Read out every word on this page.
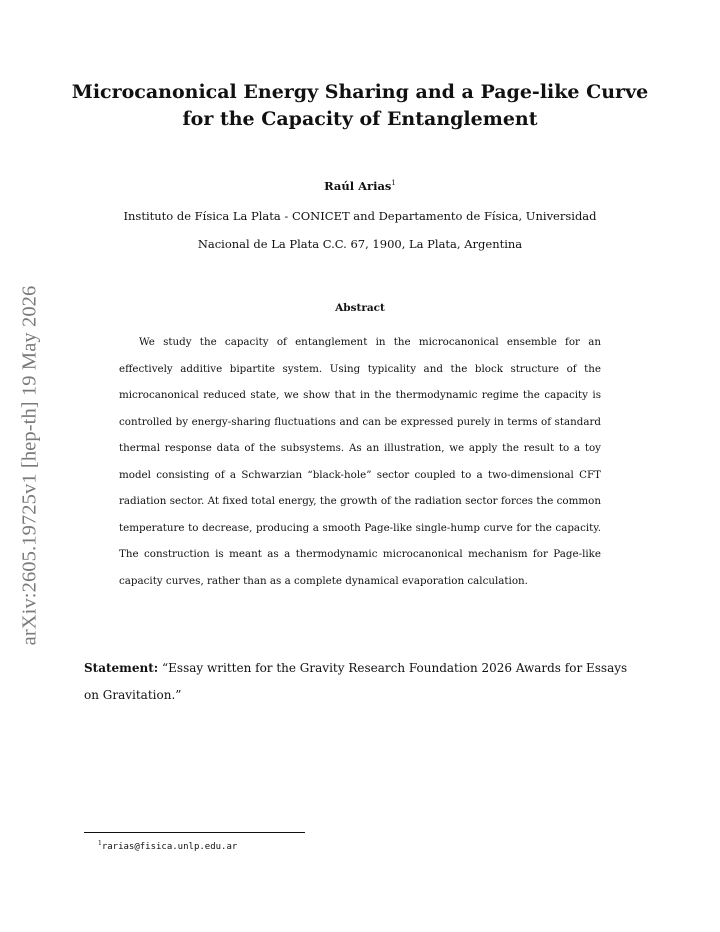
arXiv:2605.19725v1 [hep-th] 19 May 2026
Microcanonical Energy Sharing and a Page-like Curve
for the Capacity of Entanglement
Raúl Arias$^1$
Instituto de Física La Plata - CONICET and Departamento de Física, Universidad
Nacional de La Plata C.C. 67, 1900, La Plata, Argentina
Abstract

We study the capacity of entanglement in the microcanonical ensemble for an effectively additive bipartite system. Using typicality and the block structure of the microcanonical reduced state, we show that in the thermodynamic regime the capacity is controlled by energy-sharing fluctuations and can be expressed purely in terms of standard thermal response data of the subsystems. As an illustration, we apply the result to a toy model consisting of a Schwarzian “black-hole” sector coupled to a two-dimensional CFT radiation sector. At fixed total energy, the growth of the radiation sector forces the common temperature to decrease, producing a smooth Page-like single-hump curve for the capacity. The construction is meant as a thermodynamic microcanonical mechanism for Page-like capacity curves, rather than as a complete dynamical evaporation calculation.

Statement: “Essay written for the Gravity Research Foundation 2026 Awards for Essays on Gravitation.”

$^1$rarias@fisica.unlp.edu.ar
